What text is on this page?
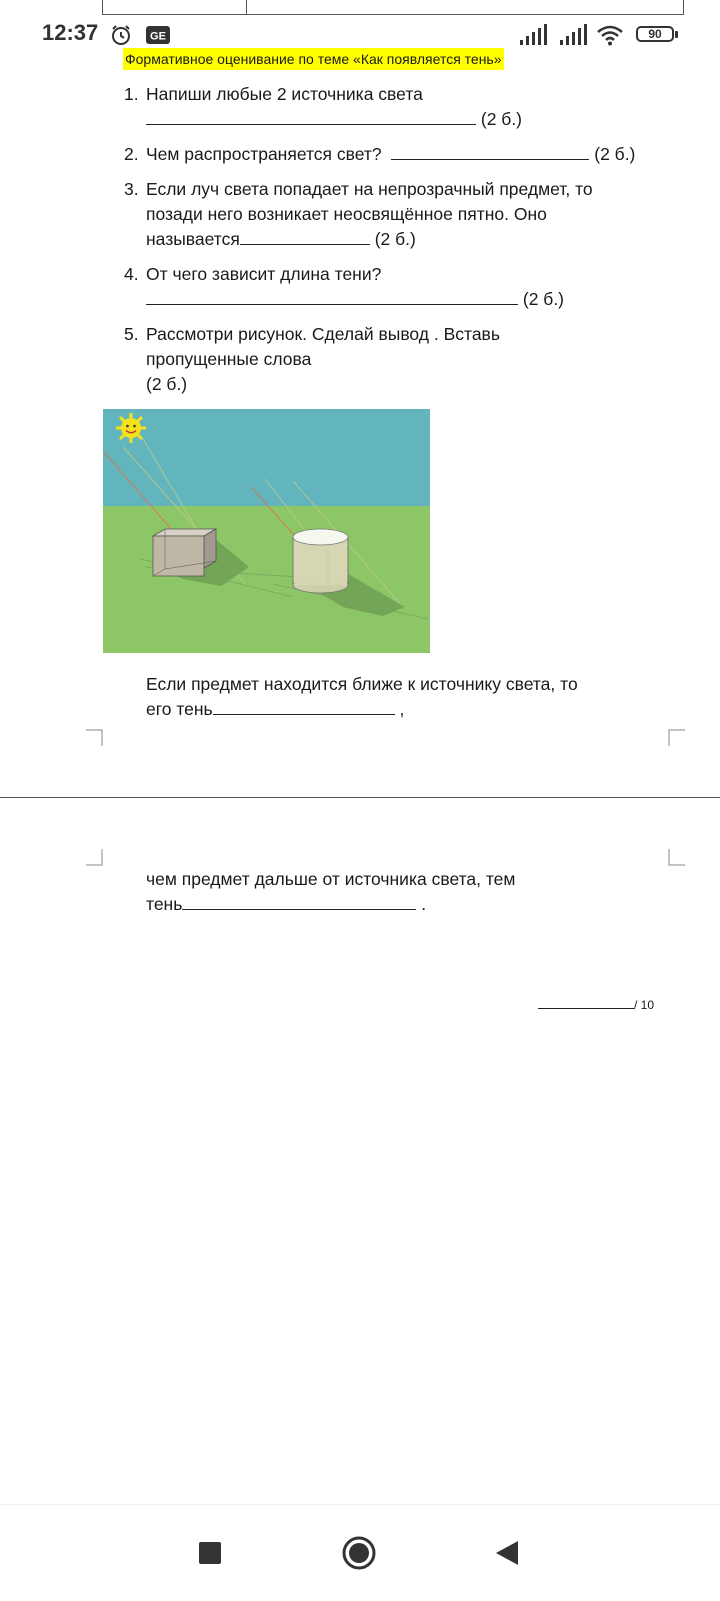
12:37	GE	90
Формативное оценивание по теме «Как появляется тень»
1. Напиши любые 2 источника света
(2 б.)
2. Чем распространяется свет?	(2 б.)
3. Если луч света попадает на непрозрачный предмет, то
позади него возникает неосвящённое пятно. Оно
называется	(2 б.)
4. От чего зависит длина тени?
(2 б.)
5. Рассмотри рисунок. Сделай вывод . Вставь
пропущенные слова
(2 б.)
Если предмет находится ближе к источнику света, то
его тень	,
чем предмет дальше от источника света, тем
тень	.
/ 10
